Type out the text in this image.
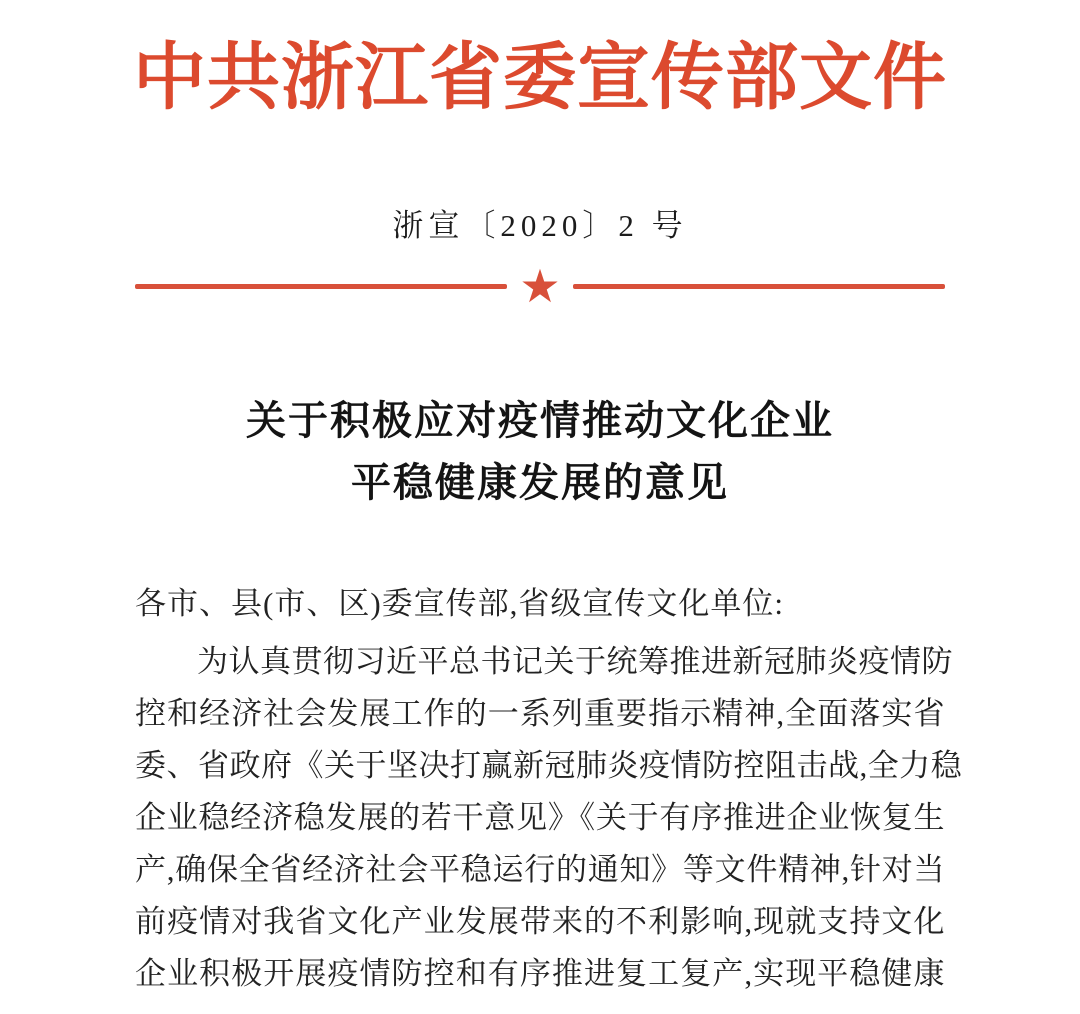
中共浙江省委宣传部文件
浙宣〔2020〕2 号
★
关于积极应对疫情推动文化企业
平稳健康发展的意见
各市、县(市、区)委宣传部,省级宣传文化单位:
为认真贯彻习近平总书记关于统筹推进新冠肺炎疫情防
控和经济社会发展工作的一系列重要指示精神,全面落实省
委、省政府《关于坚决打赢新冠肺炎疫情防控阻击战,全力稳
企业稳经济稳发展的若干意见》《关于有序推进企业恢复生
产,确保全省经济社会平稳运行的通知》等文件精神,针对当
前疫情对我省文化产业发展带来的不利影响,现就支持文化
企业积极开展疫情防控和有序推进复工复产,实现平稳健康
